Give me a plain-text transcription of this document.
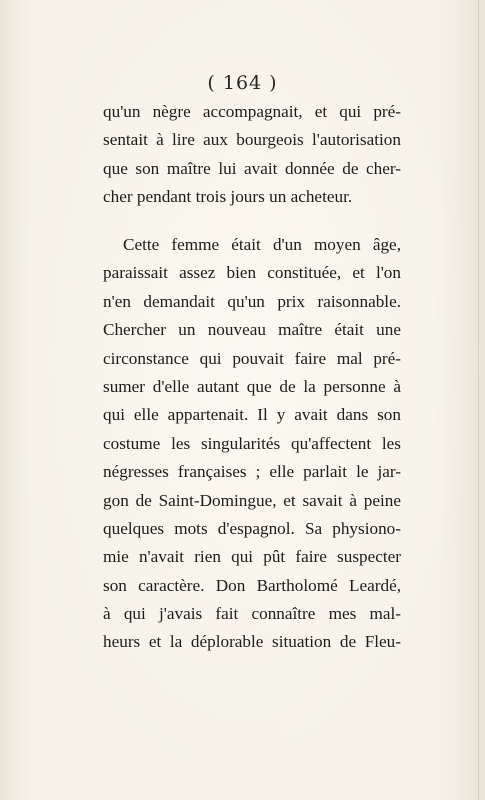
( 164 )
qu'un nègre accompagnait, et qui pré-
sentait à lire aux bourgeois l'autorisation
que son maître lui avait donnée de cher-
cher pendant trois jours un acheteur.
Cette femme était d'un moyen âge,
paraissait assez bien constituée, et l'on
n'en demandait qu'un prix raisonnable.
Chercher un nouveau maître était une
circonstance qui pouvait faire mal pré-
sumer d'elle autant que de la personne à
qui elle appartenait. Il y avait dans son
costume les singularités qu'affectent les
négresses françaises ; elle parlait le jar-
gon de Saint-Domingue, et savait à peine
quelques mots d'espagnol. Sa physiono-
mie n'avait rien qui pût faire suspecter
son caractère. Don Bartholomé Leardé,
à qui j'avais fait connaître mes mal-
heurs et la déplorable situation de Fleu-
